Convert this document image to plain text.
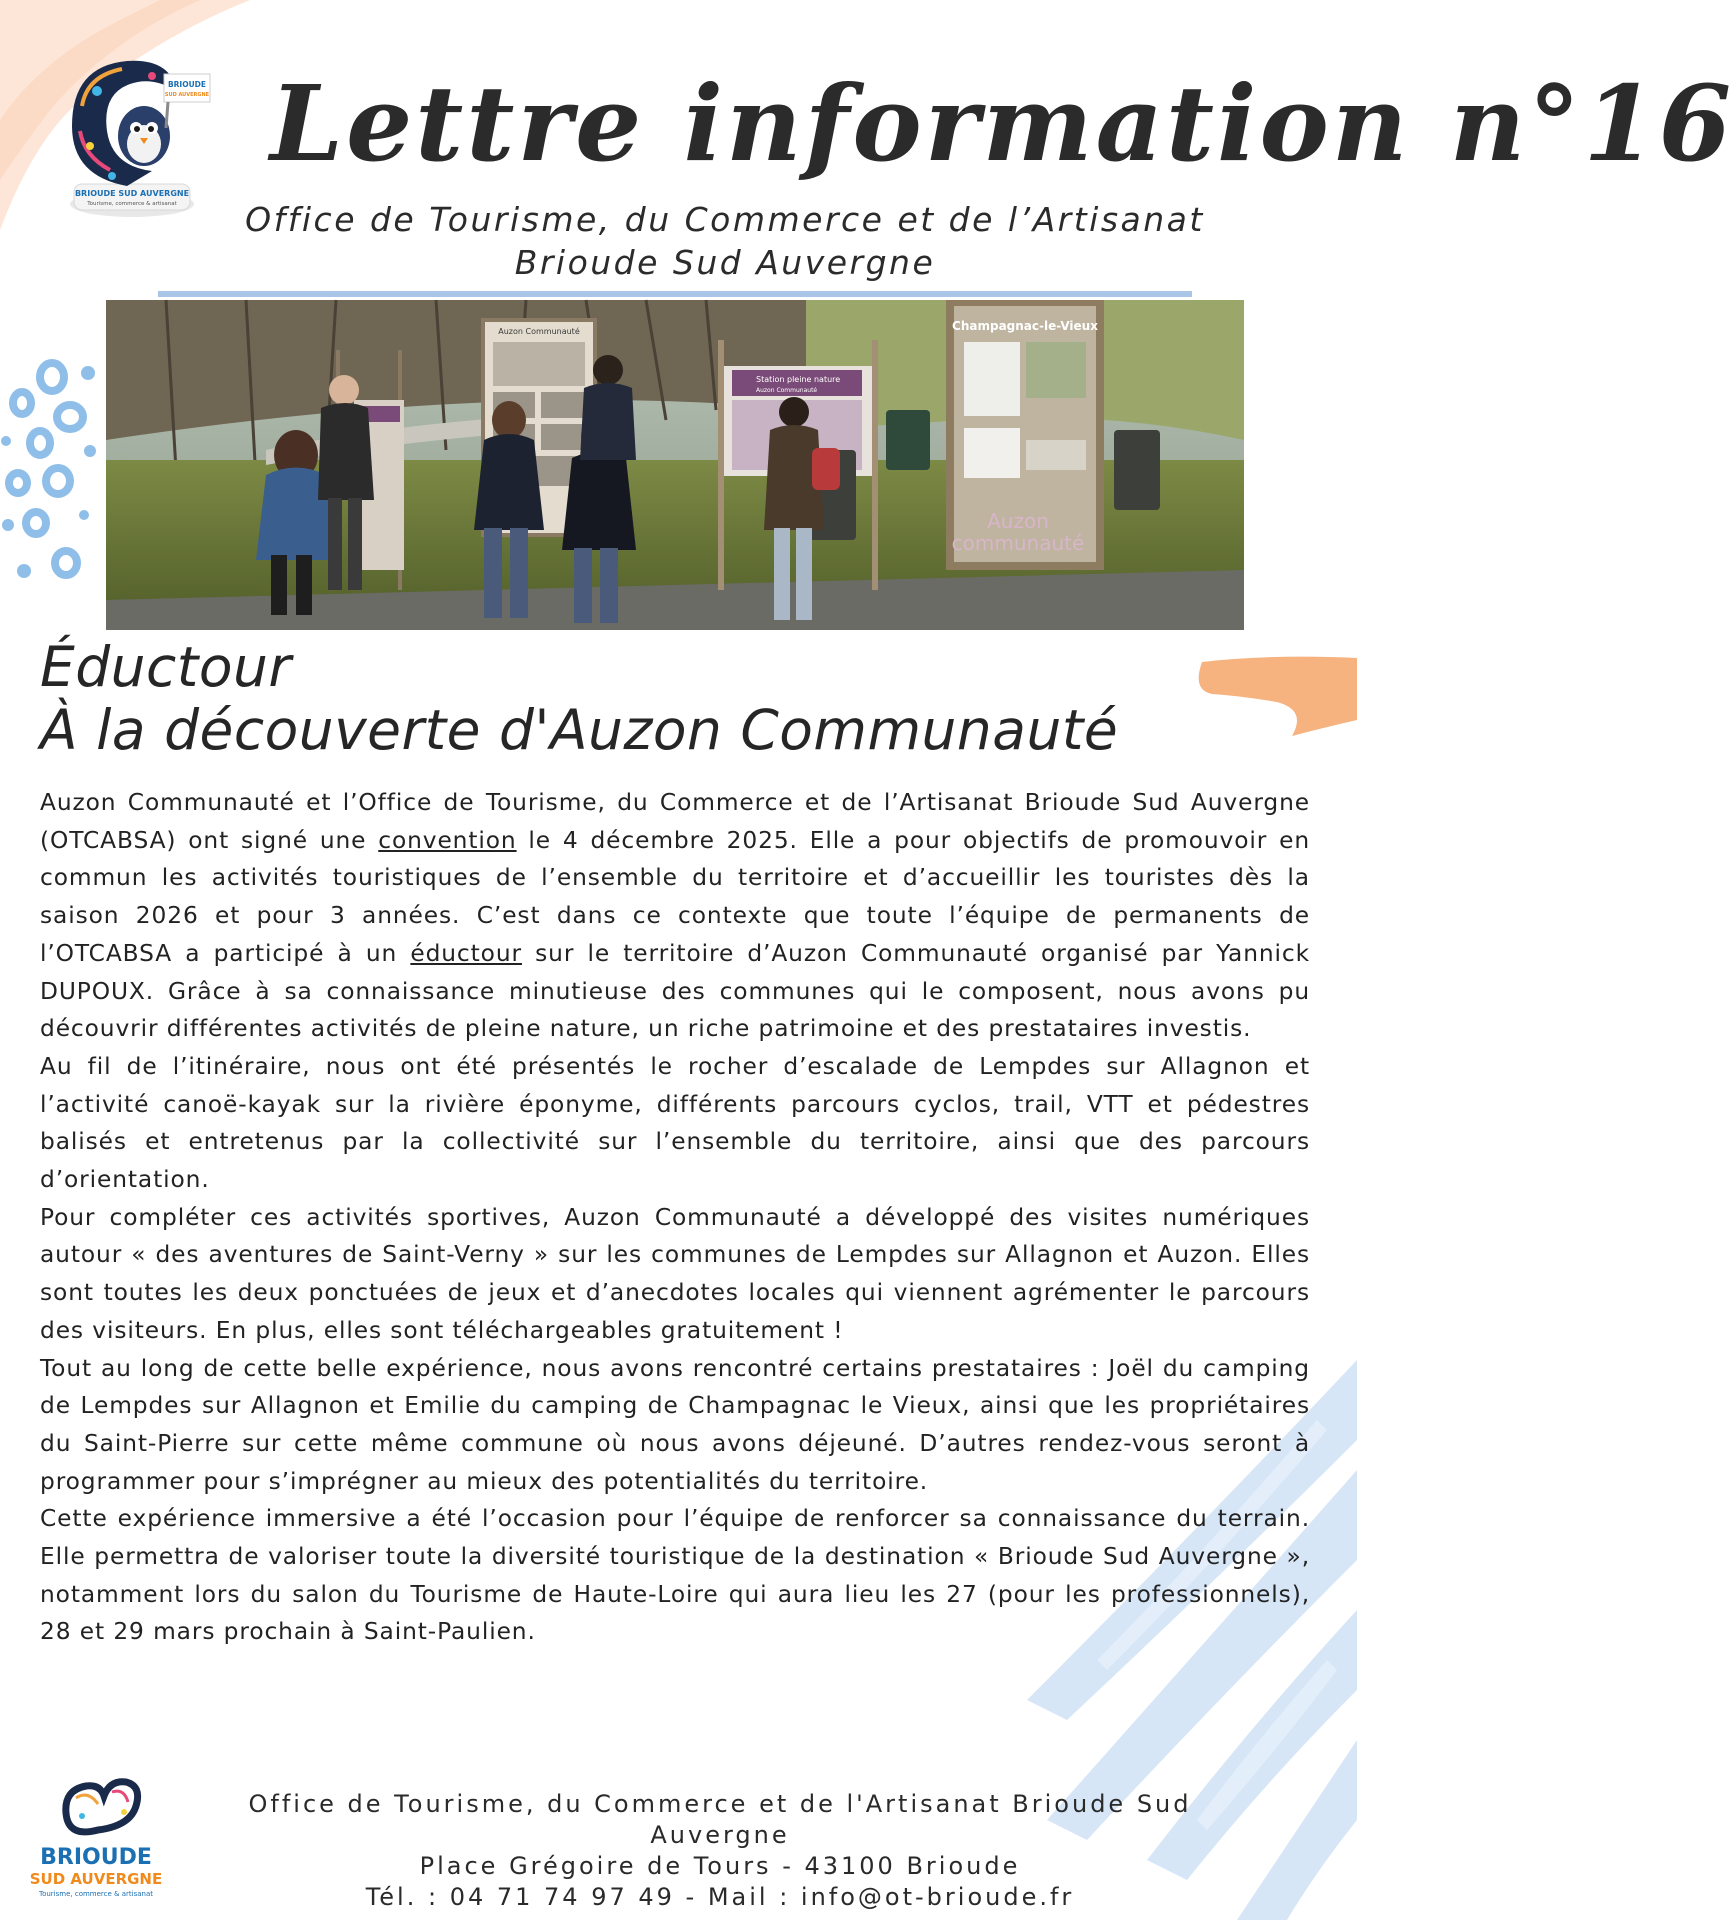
BRIOUDE SUD AUVERGNE
Tourisme, commerce & artisanat
BRIOUDE
SUD AUVERGNE Lettre information n°16
Office de Tourisme, du Commerce et de l’Artisanat
Brioude Sud Auvergne
Auzon Communauté
Station pleine nature
Auzon Communauté
Champagnac-le-Vieux
Auzon
communauté
Éductour
À la découverte d'Auzon Communauté

Auzon Communauté et l’Office de Tourisme, du Commerce et de l’Artisanat Brioude Sud Auvergne (OTCABSA) ont signé une convention le 4 décembre 2025. Elle a pour objectifs de promouvoir en commun les activités touristiques de l’ensemble du territoire et d’accueillir les touristes dès la saison 2026 et pour 3 années. C’est dans ce contexte que toute l’équipe de permanents de l’OTCABSA a participé à un éductour sur le territoire d’Auzon Communauté organisé par Yannick DUPOUX. Grâce à sa connaissance minutieuse des communes qui le composent, nous avons pu découvrir différentes activités de pleine nature, un riche patrimoine et des prestataires investis.

Au fil de l’itinéraire, nous ont été présentés le rocher d’escalade de Lempdes sur Allagnon et l’activité canoë-kayak sur la rivière éponyme, différents parcours cyclos, trail, VTT et pédestres balisés et entretenus par la collectivité sur l’ensemble du territoire, ainsi que des parcours d’orientation.

Pour compléter ces activités sportives, Auzon Communauté a développé des visites numériques autour « des aventures de Saint-Verny » sur les communes de Lempdes sur Allagnon et Auzon. Elles sont toutes les deux ponctuées de jeux et d’anecdotes locales qui viennent agrémenter le parcours des visiteurs. En plus, elles sont téléchargeables gratuitement !

Tout au long de cette belle expérience, nous avons rencontré certains prestataires : Joël du camping de Lempdes sur Allagnon et Emilie du camping de Champagnac le Vieux, ainsi que les propriétaires du Saint-Pierre sur cette même commune où nous avons déjeuné. D’autres rendez-vous seront à programmer pour s’imprégner au mieux des potentialités du territoire.

Cette expérience immersive a été l’occasion pour l’équipe de renforcer sa connaissance du terrain. Elle permettra de valoriser toute la diversité touristique de la destination « Brioude Sud Auvergne », notamment lors du salon du Tourisme de Haute-Loire qui aura lieu les 27 (pour les professionnels), 28 et 29 mars prochain à Saint-Paulien.

BRIOUDE
SUD AUVERGNE
Tourisme, commerce & artisanat
Office de Tourisme, du Commerce et de l'Artisanat Brioude Sud Auvergne
Place Grégoire de Tours - 43100 Brioude
Tél. : 04 71 74 97 49 - Mail : info@ot-brioude.fr
